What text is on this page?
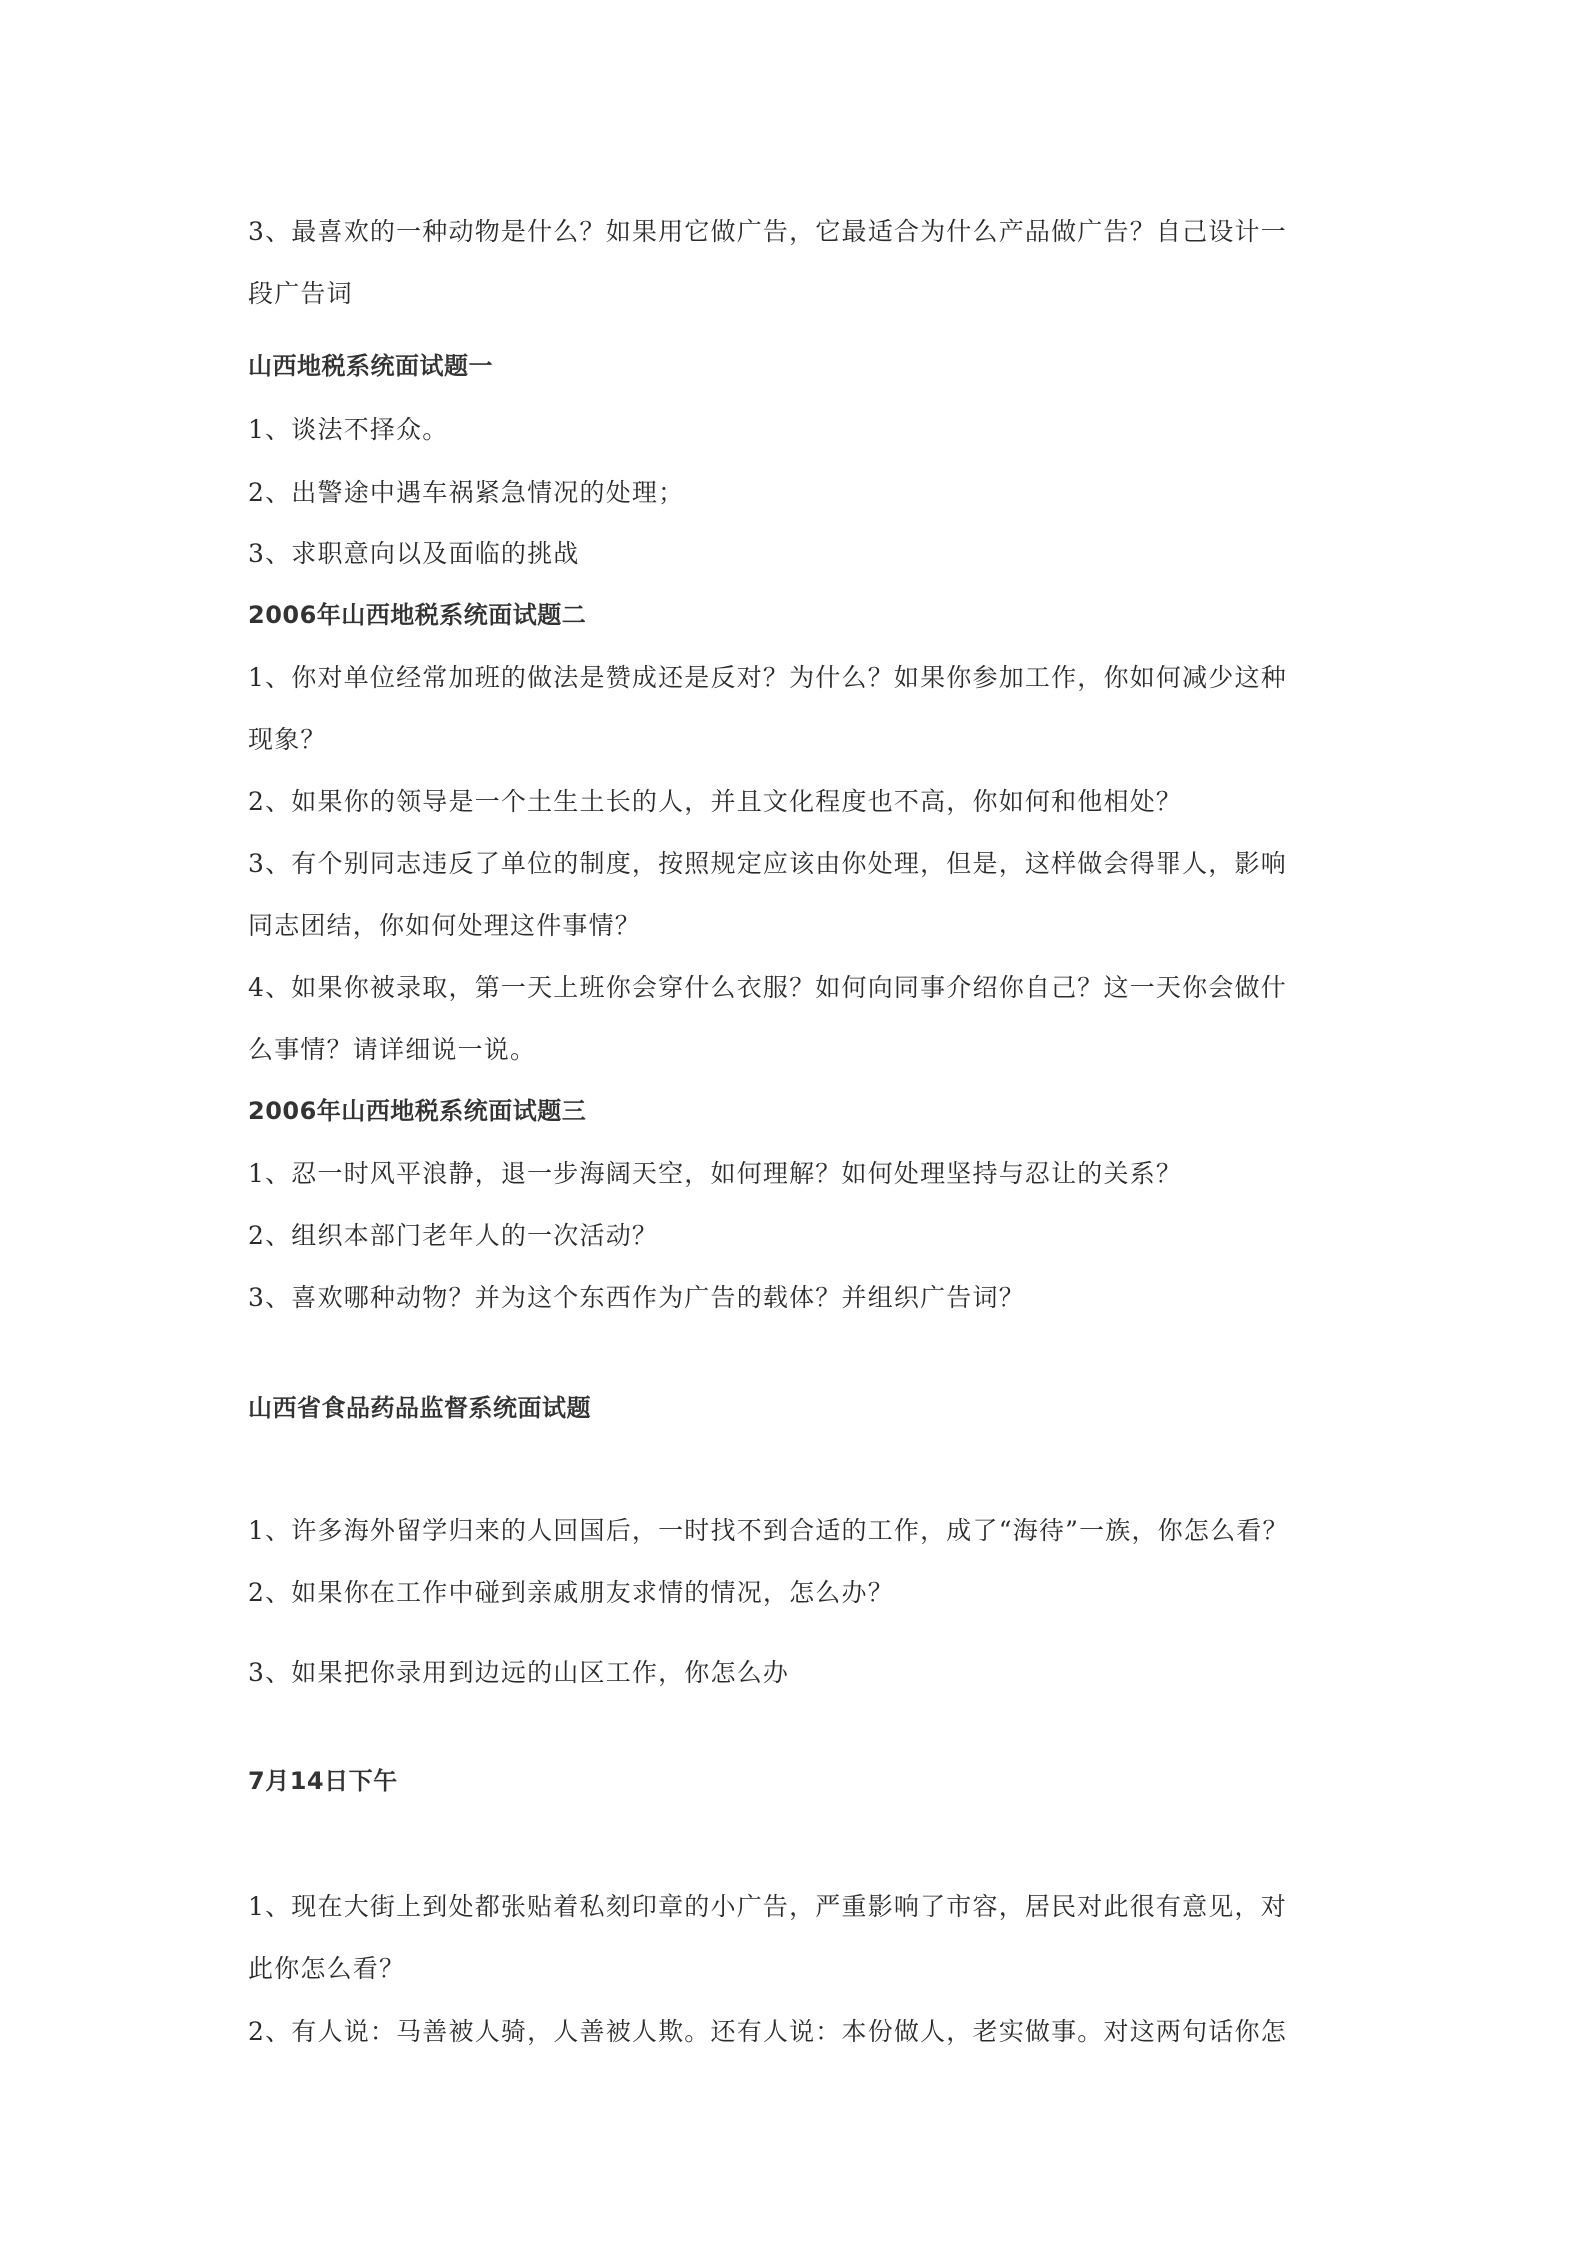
3、最喜欢的一种动物是什么？如果用它做广告，它最适合为什么产品做广告？自己设计一

段广告词

山西地税系统面试题一

1、谈法不择众。

2、出警途中遇车祸紧急情况的处理；

3、求职意向以及面临的挑战

2006年山西地税系统面试题二

1、你对单位经常加班的做法是赞成还是反对？为什么？如果你参加工作，你如何减少这种

现象？

2、如果你的领导是一个土生土长的人，并且文化程度也不高，你如何和他相处？

3、有个别同志违反了单位的制度，按照规定应该由你处理，但是，这样做会得罪人，影响

同志团结，你如何处理这件事情？

4、如果你被录取，第一天上班你会穿什么衣服？如何向同事介绍你自己？这一天你会做什

么事情？请详细说一说。

2006年山西地税系统面试题三

1、忍一时风平浪静，退一步海阔天空，如何理解？如何处理坚持与忍让的关系？

2、组织本部门老年人的一次活动？

3、喜欢哪种动物？并为这个东西作为广告的载体？并组织广告词？

山西省食品药品监督系统面试题

1、许多海外留学归来的人回国后，一时找不到合适的工作，成了“海待”一族，你怎么看？

2、如果你在工作中碰到亲戚朋友求情的情况，怎么办？

3、如果把你录用到边远的山区工作，你怎么办

7月14日下午

1、现在大街上到处都张贴着私刻印章的小广告，严重影响了市容，居民对此很有意见，对

此你怎么看？

2、有人说：马善被人骑，人善被人欺。还有人说：本份做人，老实做事。对这两句话你怎
